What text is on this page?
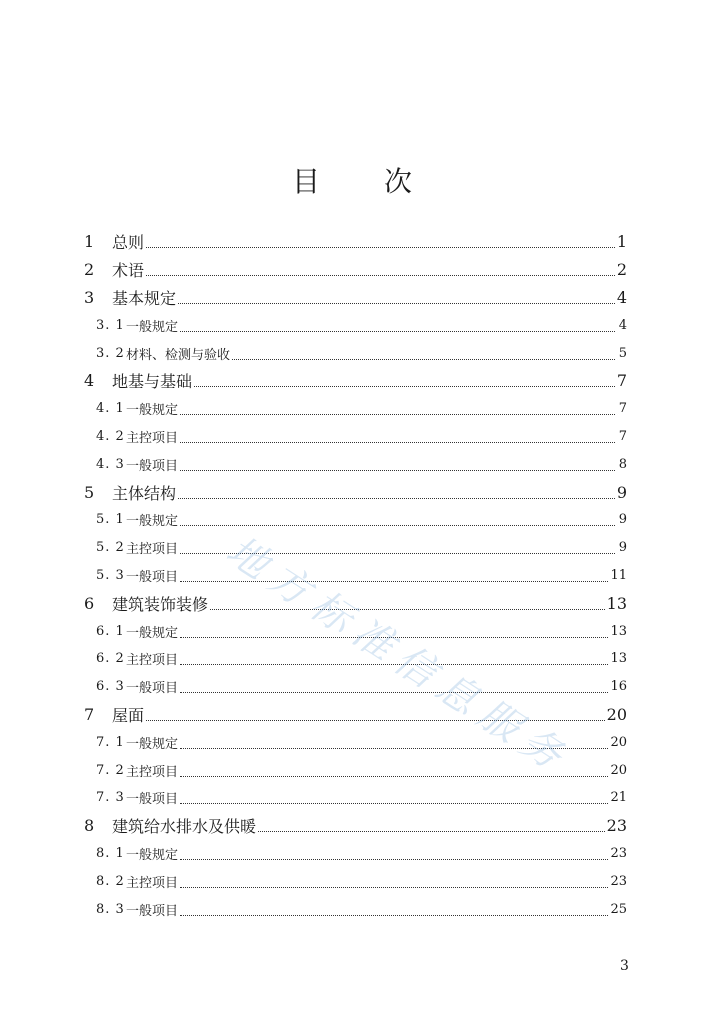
目 次
1	总则	1
2	术语	2
3	基本规定	4
3. 1 一般规定	4
3. 2 材料、检测与验收	5
4	地基与基础	7
4. 1 一般规定	7
4. 2 主控项目	7
4. 3 一般项目	8
5	主体结构	9
5. 1 一般规定	9
5. 2 主控项目	9
5. 3 一般项目	11
6	建筑装饰装修	13
6. 1 一般规定	13
6. 2 主控项目	13
6. 3 一般项目	16
7	屋面	20
7. 1 一般规定	20
7. 2 主控项目	20
7. 3 一般项目	21
8	建筑给水排水及供暖	23
8. 1 一般规定	23
8. 2 主控项目	23
8. 3 一般项目	25
3
地方标准信息服务
